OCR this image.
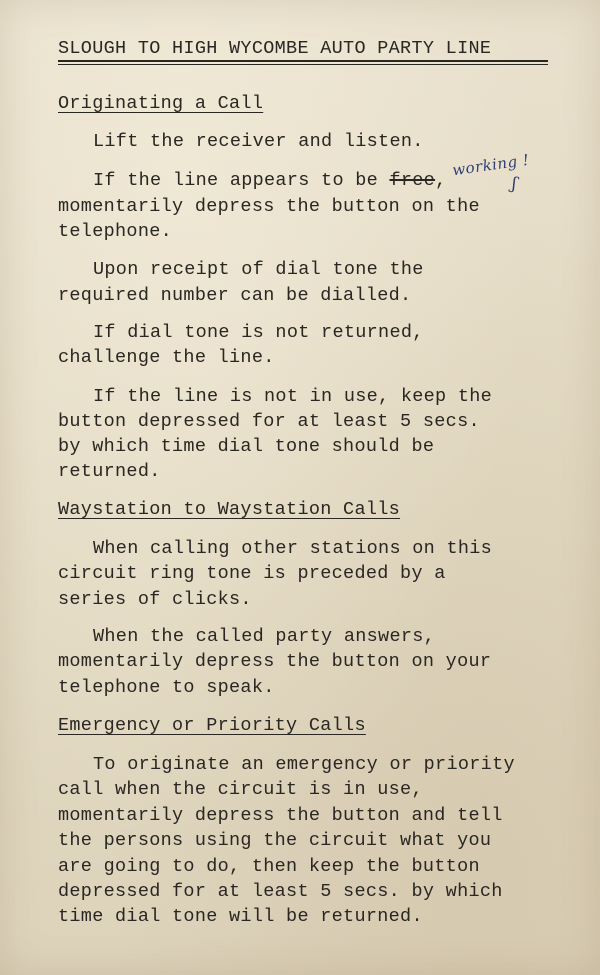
SLOUGH TO HIGH WYCOMBE AUTO PARTY LINE
Originating a Call
Lift the receiver and listen.
If the line appears to be free,
working !
ʃ
momentarily depress the button on the
telephone.
Upon receipt of dial tone the
required number can be dialled.
If dial tone is not returned,
challenge the line.
If the line is not in use, keep the
button depressed for at least 5 secs.
by which time dial tone should be
returned.
Waystation to Waystation Calls
When calling other stations on this
circuit ring tone is preceded by a
series of clicks.
When the called party answers,
momentarily depress the button on your
telephone to speak.
Emergency or Priority Calls
To originate an emergency or priority
call when the circuit is in use,
momentarily depress the button and tell
the persons using the circuit what you
are going to do, then keep the button
depressed for at least 5 secs. by which
time dial tone will be returned.
